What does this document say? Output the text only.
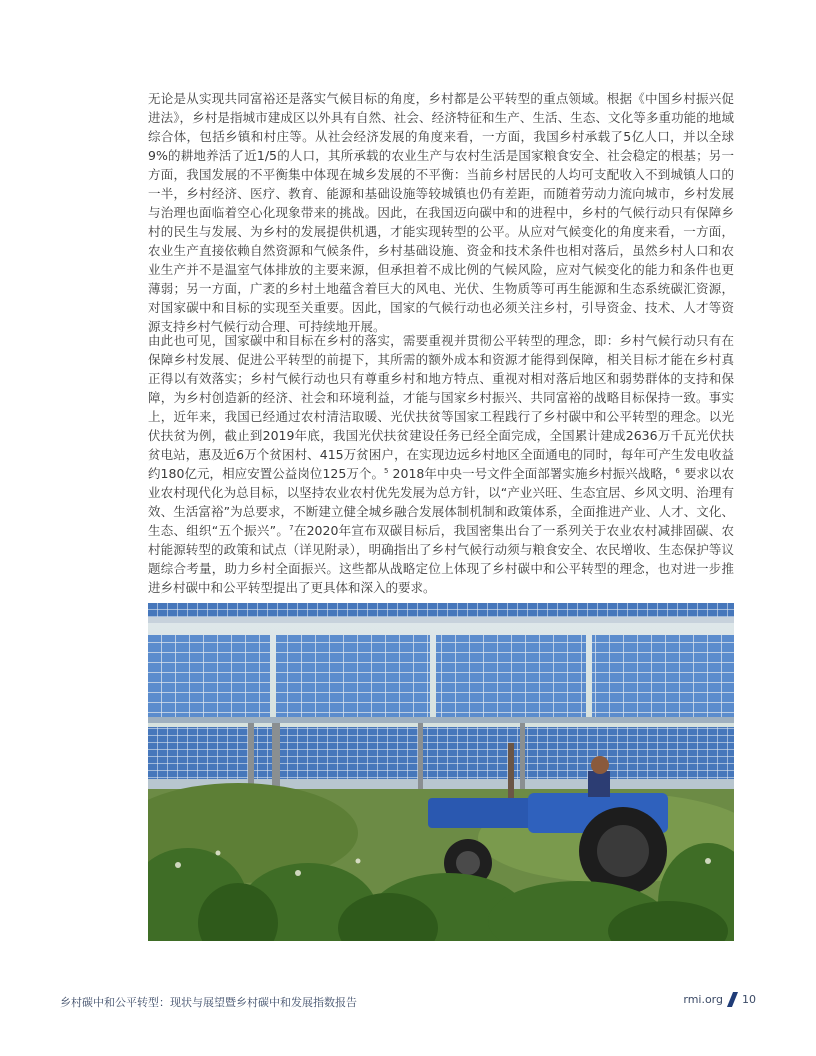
无论是从实现共同富裕还是落实气候目标的角度，乡村都是公平转型的重点领域。根据《中国乡村振兴促进法》，乡村是指城市建成区以外具有自然、社会、经济特征和生产、生活、生态、文化等多重功能的地域综合体，包括乡镇和村庄等。从社会经济发展的角度来看，一方面，我国乡村承载了5亿人口，并以全球9%的耕地养活了近1/5的人口，其所承载的农业生产与农村生活是国家粮食安全、社会稳定的根基；另一方面，我国发展的不平衡集中体现在城乡发展的不平衡：当前乡村居民的人均可支配收入不到城镇人口的一半，乡村经济、医疗、教育、能源和基础设施等较城镇也仍有差距，而随着劳动力流向城市，乡村发展与治理也面临着空心化现象带来的挑战。因此，在我国迈向碳中和的进程中，乡村的气候行动只有保障乡村的民生与发展、为乡村的发展提供机遇，才能实现转型的公平。从应对气候变化的角度来看，一方面，农业生产直接依赖自然资源和气候条件，乡村基础设施、资金和技术条件也相对落后，虽然乡村人口和农业生产并不是温室气体排放的主要来源，但承担着不成比例的气候风险，应对气候变化的能力和条件也更薄弱；另一方面，广袤的乡村土地蕴含着巨大的风电、光伏、生物质等可再生能源和生态系统碳汇资源，对国家碳中和目标的实现至关重要。因此，国家的气候行动也必须关注乡村，引导资金、技术、人才等资源支持乡村气候行动合理、可持续地开展。

由此也可见，国家碳中和目标在乡村的落实，需要重视并贯彻公平转型的理念，即：乡村气候行动只有在保障乡村发展、促进公平转型的前提下，其所需的额外成本和资源才能得到保障，相关目标才能在乡村真正得以有效落实；乡村气候行动也只有尊重乡村和地方特点、重视对相对落后地区和弱势群体的支持和保障，为乡村创造新的经济、社会和环境利益，才能与国家乡村振兴、共同富裕的战略目标保持一致。事实上，近年来，我国已经通过农村清洁取暖、光伏扶贫等国家工程践行了乡村碳中和公平转型的理念。以光伏扶贫为例，截止到2019年底，我国光伏扶贫建设任务已经全面完成，全国累计建成2636万千瓦光伏扶贫电站，惠及近6万个贫困村、415万贫困户，在实现边远乡村地区全面通电的同时，每年可产生发电收益约180亿元，相应安置公益岗位125万个。$^5$ 2018年中央一号文件全面部署实施乡村振兴战略，$^6$ 要求以农业农村现代化为总目标，以坚持农业农村优先发展为总方针，以“产业兴旺、生态宜居、乡风文明、治理有效、生活富裕”为总要求，不断建立健全城乡融合发展体制机制和政策体系，全面推进产业、人才、文化、生态、组织“五个振兴”。$^7$在2020年宣布双碳目标后，我国密集出台了一系列关于农业农村减排固碳、农村能源转型的政策和试点（详见附录），明确指出了乡村气候行动须与粮食安全、农民增收、生态保护等议题综合考量，助力乡村全面振兴。这些都从战略定位上体现了乡村碳中和公平转型的理念，也对进一步推进乡村碳中和公平转型提出了更具体和深入的要求。

乡村碳中和公平转型：现状与展望暨乡村碳中和发展指数报告	rmi.org 10
